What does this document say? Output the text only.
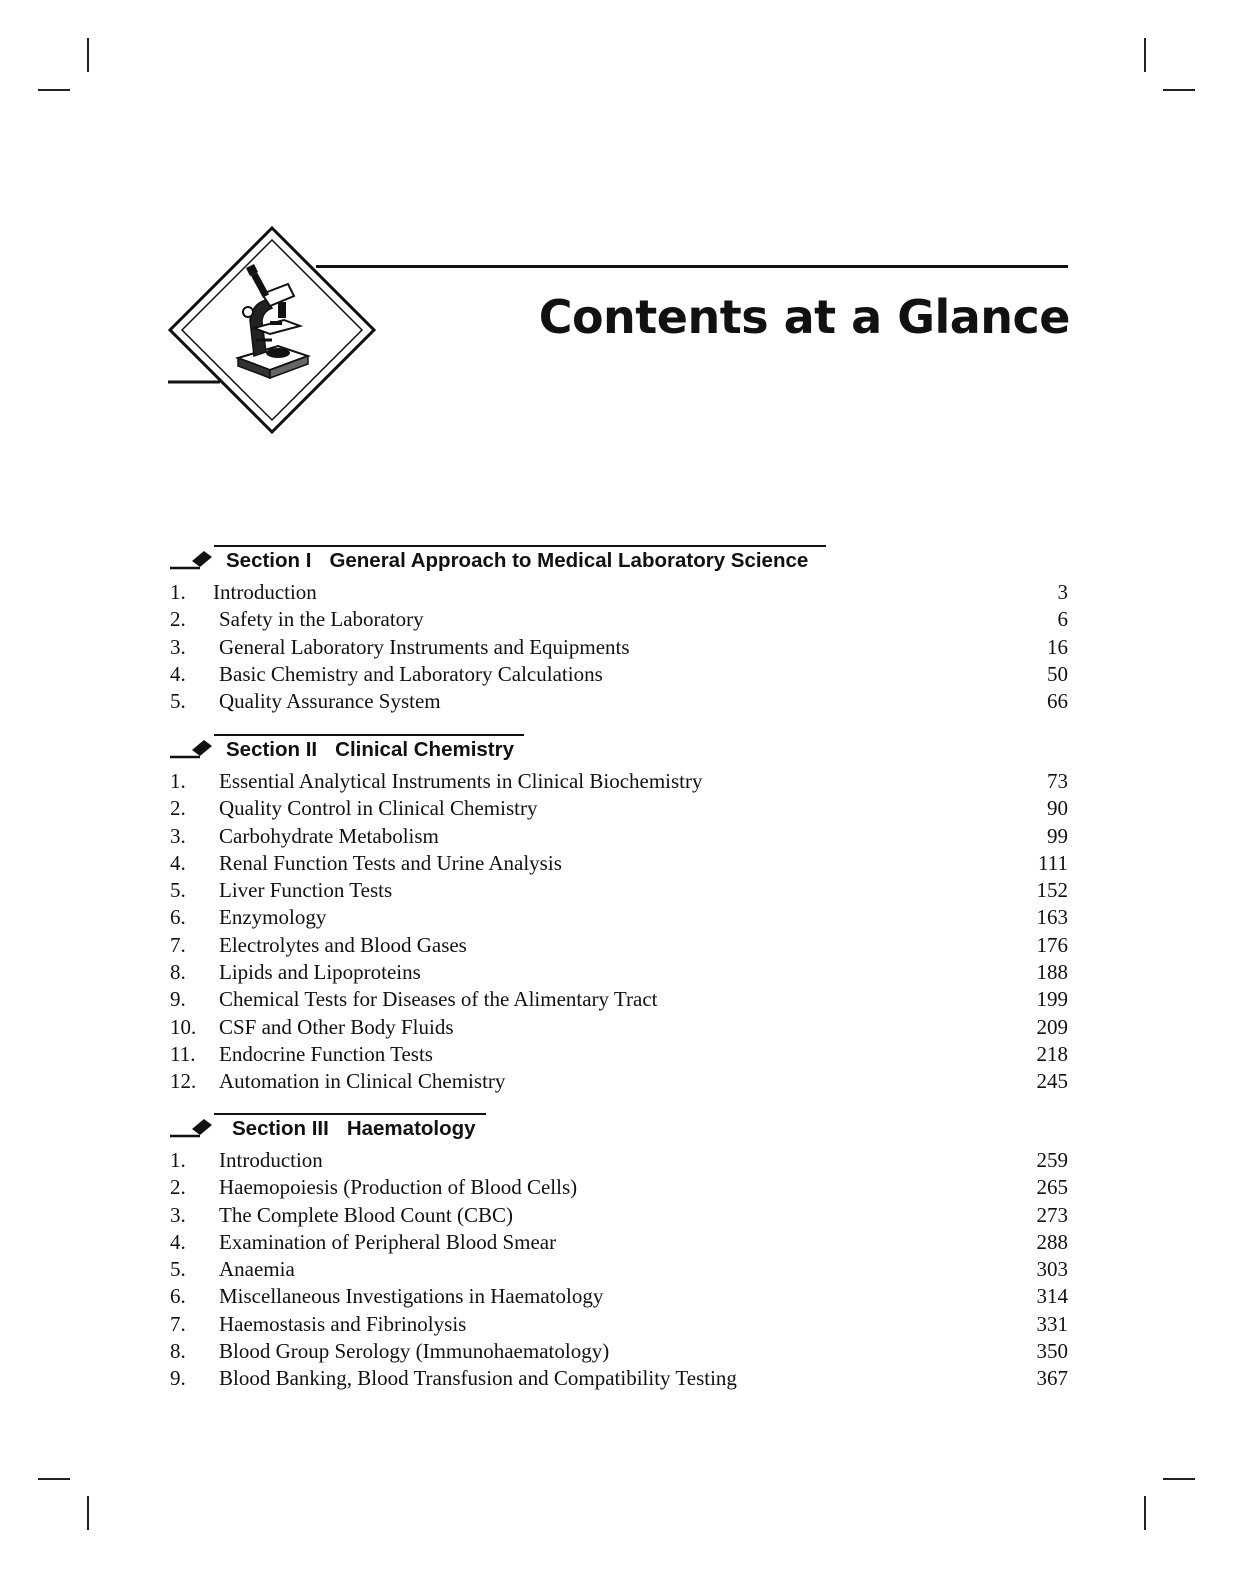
Contents at a Glance
Section I General Approach to Medical Laboratory Science
1. Introduction	3
2. Safety in the Laboratory	6
3. General Laboratory Instruments and Equipments	16
4. Basic Chemistry and Laboratory Calculations	50
5. Quality Assurance System	66
Section II Clinical Chemistry
1. Essential Analytical Instruments in Clinical Biochemistry	73
2. Quality Control in Clinical Chemistry	90
3. Carbohydrate Metabolism	99
4. Renal Function Tests and Urine Analysis	111
5. Liver Function Tests	152
6. Enzymology	163
7. Electrolytes and Blood Gases	176
8. Lipids and Lipoproteins	188
9. Chemical Tests for Diseases of the Alimentary Tract	199
10. CSF and Other Body Fluids	209
11. Endocrine Function Tests	218
12. Automation in Clinical Chemistry	245
Section III Haematology
1. Introduction	259
2. Haemopoiesis (Production of Blood Cells)	265
3. The Complete Blood Count (CBC)	273
4. Examination of Peripheral Blood Smear	288
5. Anaemia	303
6. Miscellaneous Investigations in Haematology	314
7. Haemostasis and Fibrinolysis	331
8. Blood Group Serology (Immunohaematology)	350
9. Blood Banking, Blood Transfusion and Compatibility Testing	367
